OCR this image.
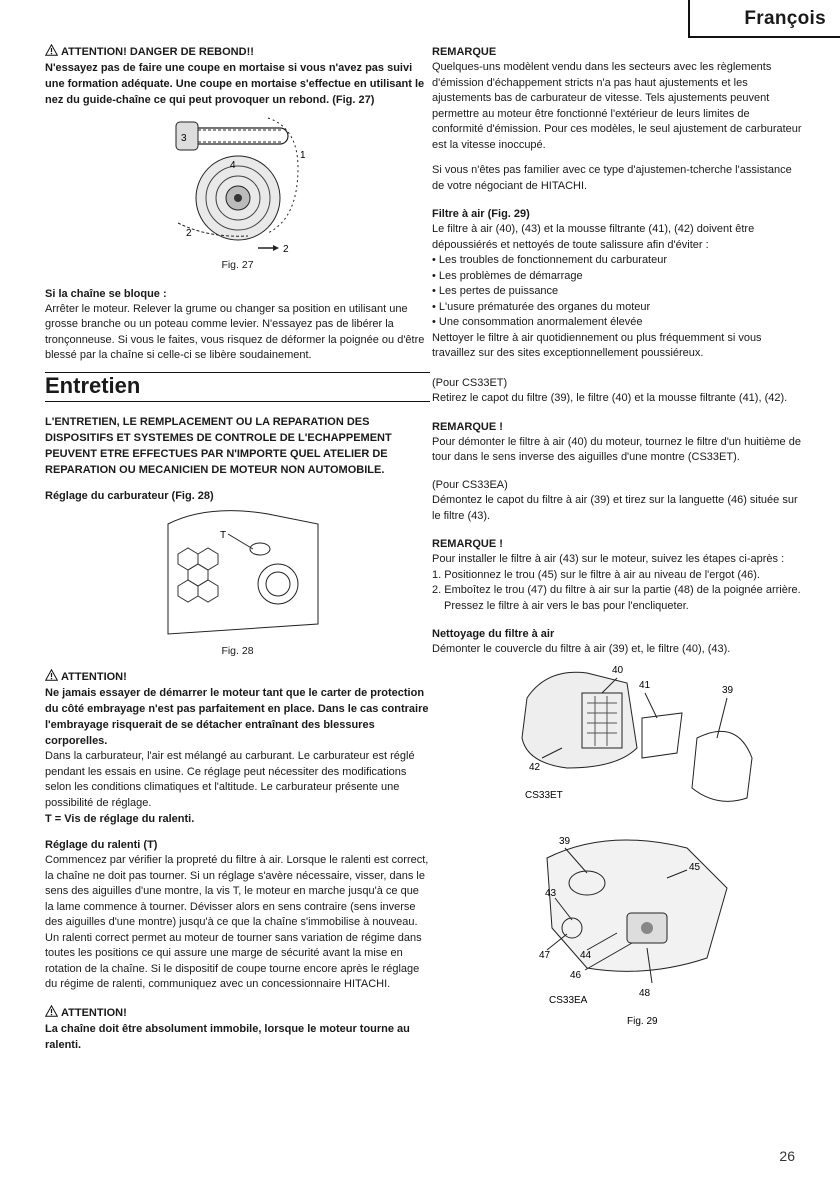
François

ATTENTION! DANGER DE REBOND!!

N'essayez pas de faire une coupe en mortaise si vous n'avez pas suivi une formation adéquate. Une coupe en mortaise s'effectue en utilisant le nez du guide-chaîne ce qui peut provoquer un rebond. (Fig. 27)

3
1
4
2
2

Fig. 27

Si la chaîne se bloque :

Arrêter le moteur. Relever la grume ou changer sa position en utilisant une grosse branche ou un poteau comme levier. N'essayez pas de libérer la tronçonneuse. Si vous le faites, vous risquez de déformer la poignée ou d'être blessé par la chaîne si celle-ci se libère soudainement.

Entretien

L'ENTRETIEN, LE REMPLACEMENT OU LA REPARATION DES DISPOSITIFS ET SYSTEMES DE CONTROLE DE L'ECHAPPEMENT PEUVENT ETRE EFFECTUES PAR N'IMPORTE QUEL ATELIER DE REPARATION OU MECANICIEN DE MOTEUR NON AUTOMOBILE.

Réglage du carburateur (Fig. 28)

T

Fig. 28

ATTENTION!

Ne jamais essayer de démarrer le moteur tant que le carter de protection du côté embrayage n'est pas parfaitement en place. Dans le cas contraire l'embrayage risquerait de se détacher entraînant des blessures corporelles.

Dans la carburateur, l'air est mélangé au carburant. Le carburateur est réglé pendant les essais en usine. Ce réglage peut nécessiter des modifications selon les conditions climatiques et l'altitude. Le carburateur présente une possibilité de réglage.

T = Vis de réglage du ralenti.

Réglage du ralenti (T)

Commencez par vérifier la propreté du filtre à air. Lorsque le ralenti est correct, la chaîne ne doit pas tourner. Si un réglage s'avère nécessaire, visser, dans le sens des aiguilles d'une montre, la vis T, le moteur en marche jusqu'à ce que la lame commence à tourner. Dévisser alors en sens contraire (sens inverse des aiguilles d'une montre) jusqu'à ce que la chaîne s'immobilise à nouveau. Un ralenti correct permet au moteur de tourner sans variation de régime dans toutes les positions ce qui assure une marge de sécurité avant la mise en rotation de la chaîne. Si le dispositif de coupe tourne encore après le réglage du régime de ralenti, communiquez avec un concessionnaire HITACHI.

ATTENTION!

La chaîne doit être absolument immobile, lorsque le moteur tourne au ralenti.

REMARQUE

Quelques-uns modèlent vendu dans les secteurs avec les règlements d'émission d'échappement stricts n'a pas haut ajustements et les ajustements bas de carburateur de vitesse. Tels ajustements peuvent permettre au moteur être fonctionné l'extérieur de leurs limites de conformité d'émission. Pour ces modèles, le seul ajustement de carburateur est la vitesse inoccupé.

Si vous n'êtes pas familier avec ce type d'ajustemen-tcherche l'assistance de votre négociant de HITACHI.

Filtre à air (Fig. 29)

Le filtre à air (40), (43) et la mousse filtrante (41), (42) doivent être dépoussiérés et nettoyés de toute salissure afin d'éviter :

• Les troubles de fonctionnement du carburateur
• Les problèmes de démarrage
• Les pertes de puissance
• L'usure prématurée des organes du moteur
• Une consommation anormalement élevée

Nettoyer le filtre à air quotidiennement ou plus fréquemment si vous travaillez sur des sites exceptionnellement poussiéreux.

(Pour CS33ET)

Retirez le capot du filtre (39), le filtre (40) et la mousse filtrante (41), (42).

REMARQUE !

Pour démonter le filtre à air (40) du moteur, tournez le filtre d'un huitième de tour dans le sens inverse des aiguilles d'une montre (CS33ET).

(Pour CS33EA)

Démontez le capot du filtre à air (39) et tirez sur la languette (46) située sur le filtre (43).

REMARQUE !

Pour installer le filtre à air (43) sur le moteur, suivez les étapes ci-après :

1. Positionnez le trou (45) sur le filtre à air au niveau de l'ergot (46).
2. Emboîtez le trou (47) du filtre à air sur la partie (48) de la poignée arrière. Pressez le filtre à air vers le bas pour l'encliqueter.

Nettoyage du filtre à air

Démonter le couvercle du filtre à air (39) et, le filtre (40), (43).

40
41	39
42
CS33ET
39
45
43
47	44
46
48
CS33EA
Fig. 29
26
